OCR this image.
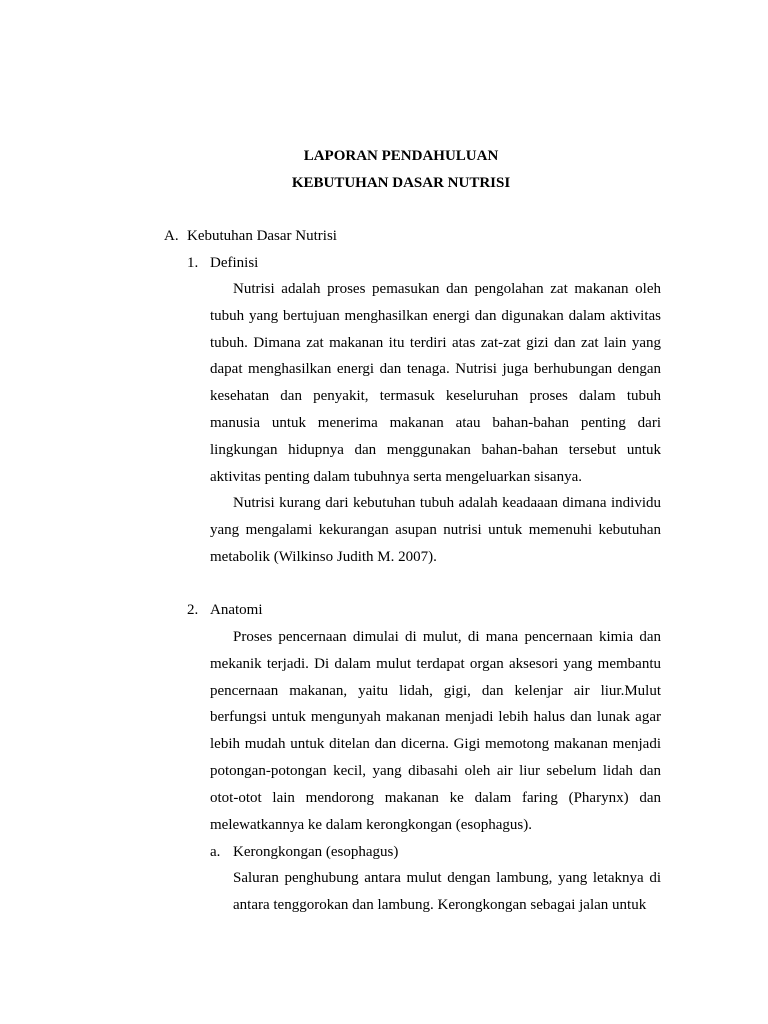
LAPORAN PENDAHULUAN

KEBUTUHAN DASAR NUTRISI

A. Kebutuhan Dasar Nutrisi

1. Definisi

Nutrisi adalah proses pemasukan dan pengolahan zat makanan oleh tubuh yang bertujuan menghasilkan energi dan digunakan dalam aktivitas tubuh. Dimana zat makanan itu terdiri atas zat-zat gizi dan zat lain yang dapat menghasilkan energi dan tenaga. Nutrisi juga berhubungan dengan kesehatan dan penyakit, termasuk keseluruhan proses dalam tubuh manusia untuk menerima makanan atau bahan-bahan penting dari lingkungan hidupnya dan menggunakan bahan-bahan tersebut untuk aktivitas penting dalam tubuhnya serta mengeluarkan sisanya.

Nutrisi kurang dari kebutuhan tubuh adalah keadaaan dimana individu yang mengalami kekurangan asupan nutrisi untuk memenuhi kebutuhan metabolik (Wilkinso Judith M. 2007).

2. Anatomi

Proses pencernaan dimulai di mulut, di mana pencernaan kimia dan mekanik terjadi. Di dalam mulut terdapat organ aksesori yang membantu pencernaan makanan, yaitu lidah, gigi, dan kelenjar air liur.Mulut berfungsi untuk mengunyah makanan menjadi lebih halus dan lunak agar lebih mudah untuk ditelan dan dicerna. Gigi memotong makanan menjadi potongan-potongan kecil, yang dibasahi oleh air liur sebelum lidah dan otot-otot lain mendorong makanan ke dalam faring (Pharynx) dan melewatkannya ke dalam kerongkongan (esophagus).

a. Kerongkongan (esophagus)

Saluran penghubung antara mulut dengan lambung, yang letaknya di antara tenggorokan dan lambung. Kerongkongan sebagai jalan untuk
